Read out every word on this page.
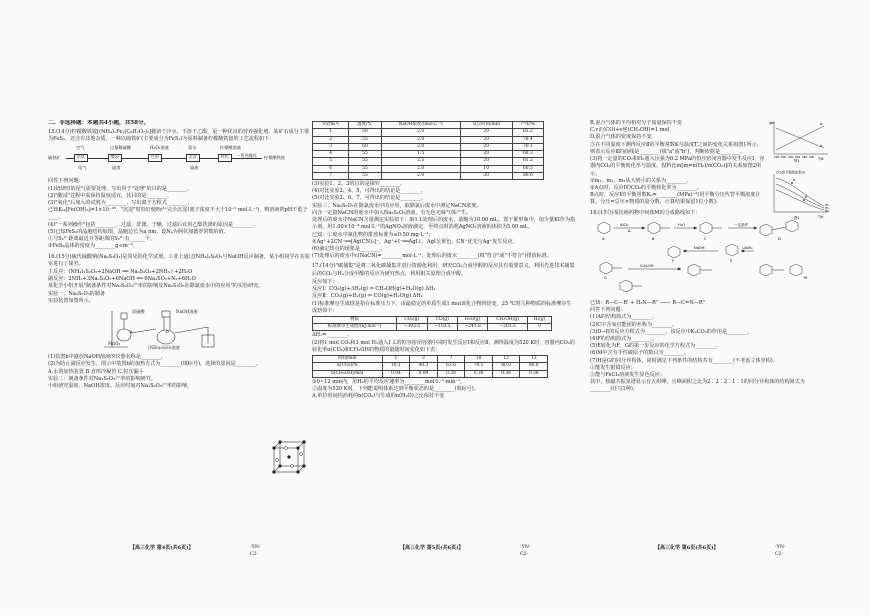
二、非选择题：本题共4小题，共58分。
15.(14分)柠檬酸铁铵[(NH₄)ₓFeᵧ(C₆H₅O₇)ₓ]微溶于冷水，不溶于乙醇，是一种优良的营养强化剂。某矿石成分主要为FeS₂，还含有其他杂质，一种以硫铁矿(主要成分为FeS₂)为原料制备柠檬酸铁铵的工艺流程如下：
空气	过量稀硫酸	H₂O₂溶液	氨水	柠檬酸溶液
硫铁矿	焙烧	酸浸	还原	沉淀	转化	一系列操作 柠檬酸铁铵
尾气	滤渣	滤液
回答下列问题：
(1)焙烧时的尾气需要处理，写出用于"处理"的目的是________。
(2)"酸浸"过程中需保持温度适宜，其目的是________。
(3)"氧化"后加入的试剂为________，写出离子方程式________。
已知Kₛₚ[Fe(OH)₃]=1×10⁻³⁸，"沉淀"时恰好使Fe³⁺完全沉淀(离子浓度不大于10⁻⁵ mol·L⁻¹)，则溶液的pH不低于____。
(4)"一系列操作"包括________、过滤、洗涤、干燥，过滤后宜用乙醇洗涤的原因是________。
(5)已知FeS₂的晶胞结构如图，晶胞边长为a nm，设Nₐ为阿伏加德罗常数的值。
①与S₂²⁻距离最近且等距离的S₂²⁻有______个。
②FeS₂晶体的密度为________g·cm⁻³。
16.(15分)硫代硫酸钠(Na₂S₂O₃)是常见的化学试剂，工业上通过(NH₄)₂S₂O₃与NaOH反应制备，某小组同学在实验室进行了探究。
主反应：(NH₄)₂S₂O₃+2NaOH ══ Na₂S₂O₃+2NH₃↑+2H₂O
副反应：2NH₃+3Na₂S₂O₃+6NaOH ══ 6Na₂SO₃+N₂+6H₂O
某化学小组开展"制备条件对Na₂S₂O₃产率的影响及Na₂S₂O₃在除氯废水中的应用"的实验研究。
实验一：Na₂S₂O₃的制备
实验装置如图所示。
浓硫酸	NaOH溶液
MnO₂
(NH₄)₂S₂O₃溶液
b
a
(1)装置b中盛放NaOH溶液的仪器名称是________。
(2)为防止副反应发生，图示中装置b的加热方式为________(填标号)，选择的原因是________。
A.水浴加热装置 B.直形冷凝管 C.恒压漏斗
实验二：制备条件对Na₂S₂O₃产率的影响研究。
小组研究温度、NaOH浓度、反应时间对Na₂S₂O₃产率的影响，
实验编号	温度/℃	NaOH浓度/(mol·L⁻¹)	反应时间/min	产率/%
1	50	2.0	20	65.2
2	55	2.0	20	78.4
3	60	2.0	20	70.1
4	55	1.5	20	68.3
5	55	2.5	20	81.2
6	55	2.0	10	60.5
7	55	2.0	30	80.6
(3)实验1、2、3的目的是探究________。
(4)对比实验2、4、5，可得出的结论是________。
(5)对比实验2、6、7，可得出的结论是________。
实验三：Na₂S₂O₃在除氯废水中的应用，取除氯后废水中测定NaCN浓度。
向含一定量NaCN的废水中加入Na₂S₂O₃溶液，有无色无味气体产生。
处理后的废水中NaCN含量测定实验如下：取1 L处理后的废水，浓缩为10.00 mL，置于锥形瓶中，加少量KI作为指示剂，用1.00×10⁻⁴ mol·L⁻¹的AgNO₃溶液滴定，至终点时消耗AgNO₃溶液的体积为5.00 mL。
已知：①废水中氰化物的排放标准为≤0.50 mg·L⁻¹；
②Ag⁺+2CN⁻══[Ag(CN)₂]⁻，Ag⁺+I⁻══AgI↓，AgI呈黄色，CN⁻优先与Ag⁺发生反应。
(6)滴定终点的现象是________。
(7)处理后的废水中c(NaCN)=________mol·L⁻¹，处理后的废水________(填"符合"或"不符合")排放标准。
17.(14分)"碳捕集"是将二氧化碳捕集并进行资源化利用，研究CO₂合成甲醇的反应具有重要意义。利用先进技术捕集后的CO₂与H₂合成甲醇的反应为研究热点，利用相关原理合成甲醇。
反应如下：
反应Ⅰ：CO₂(g)+3H₂(g) ⇌ CH₃OH(g)+H₂O(g) ΔH₁
反应Ⅱ：CO₂(g)+H₂(g) ⇌ CO(g)+H₂O(g) ΔH₂
(1)标准摩尔生成焓是指在标准压力下，由最稳定的单质生成1 mol该化合物的焓变，25 ℃时几种物质的标准摩尔生成焓如下：
物质	CO₂(g)	CO(g)	H₂O(g)	CH₃OH(g)	H₂(g)
标准摩尔生成焓/(kJ·mol⁻¹)	−393.5	−110.5	−241.8	−201.5	0
ΔH₁=________。
(2)将1 mol CO₂和3 mol H₂通入1 L的恒容密闭容器中同时发生反应Ⅰ和反应Ⅱ，测得温度为520 K时，容器内CO₂的转化率α(CO₂)和CH₃OH的物质的量随时间变化如下表：
时间/min	1	3	7	10	12	13
α(CO₂)/%	10.1	40.3	63.6	70.1	80.0	80.0
n(CH₃OH)/mol	0.04	0.09	0.28	0.30	0.36	0.36
①0~12 min内，用H₂的平均反应速率为________mol·L⁻¹·min⁻¹。
②温度为520 K时，下列能说明体系达到平衡状态的是________(填标号)。
A.单位时间内消耗的n(CO₂)与生成的n(H₂O)之比保持不变
B.混合气体的平均相对分子质量保持不变
C.v正(CO)+v逆(CH₃OH)=1 mol
D.混合气体的密度保持不变
③在不同温度下测得反应Ⅱ的平衡常数K与温度T之间的变化关系如图1所示。则表示反应Ⅱ的曲线是________(填"a"或"b")，判断依据是________。
(3)将一定量的CO₂和H₂通入压强为0.2 MPa的恒压密闭容器中发生反应Ⅰ，容器内CO₂的平衡转化率与温度、投料比m[m=n(H₂)/n(CO₂)]的关系如图2所示。
①m₁、m₂、m₃从大到小的关系为________。
②A点时，反应Ⅰ的CO₂的平衡转化率为________。
B点时，反应Ⅰ的平衡常数Kₚ=________(MPa)⁻²(用平衡分压代替平衡浓度计算，分压=总压×物质的量分数，计算结果保留1位小数)。
lgK
T/K
a
b
500 520 540 560 580 600
图1
CO₂的平衡转化率/%
T/K
m₁
m₂
m₃
A
B
图2
18.(15分)某抗癌药物中间体M的合成路线如下：
AlCl₃
Δ
H₂O	一定条件
LiAlH₄
NaOH
C₆H₅OH
A	B	C	D
E
F
G	M
已知：R—C—R' + H₂N—R'' ──→ R—C=N—R''
回答下列问题：
(1)A的结构简式为________。
(2)C中含氧官能团的名称为________。
(3)D→E的反应方程式为________，该反应中K₂CO₃的作用是________。
(4)F的结构简式为________。
(5)E转化为F、G的第一步反应的化学方程式为________。
(6)M中含有手性碳原子的数目为________。
(7)H是G的同分异构体，同时满足下列条件的结构共有________(不考虑立体异构)。
①能发生银镜反应；
②能与FeCl₃溶液发生显色反应；
其中，核磁共振氢谱显示有五组峰，且峰面积之比为2∶2∶2∶1∶1的同分异构体的结构简式为________(任写1种)。
【高三化学 第4页(共6页)】	·YN-C2·
【高三化学 第5页(共6页)】	·YN-C2·
【高三化学 第6页(共6页)】	·YN-C2·
